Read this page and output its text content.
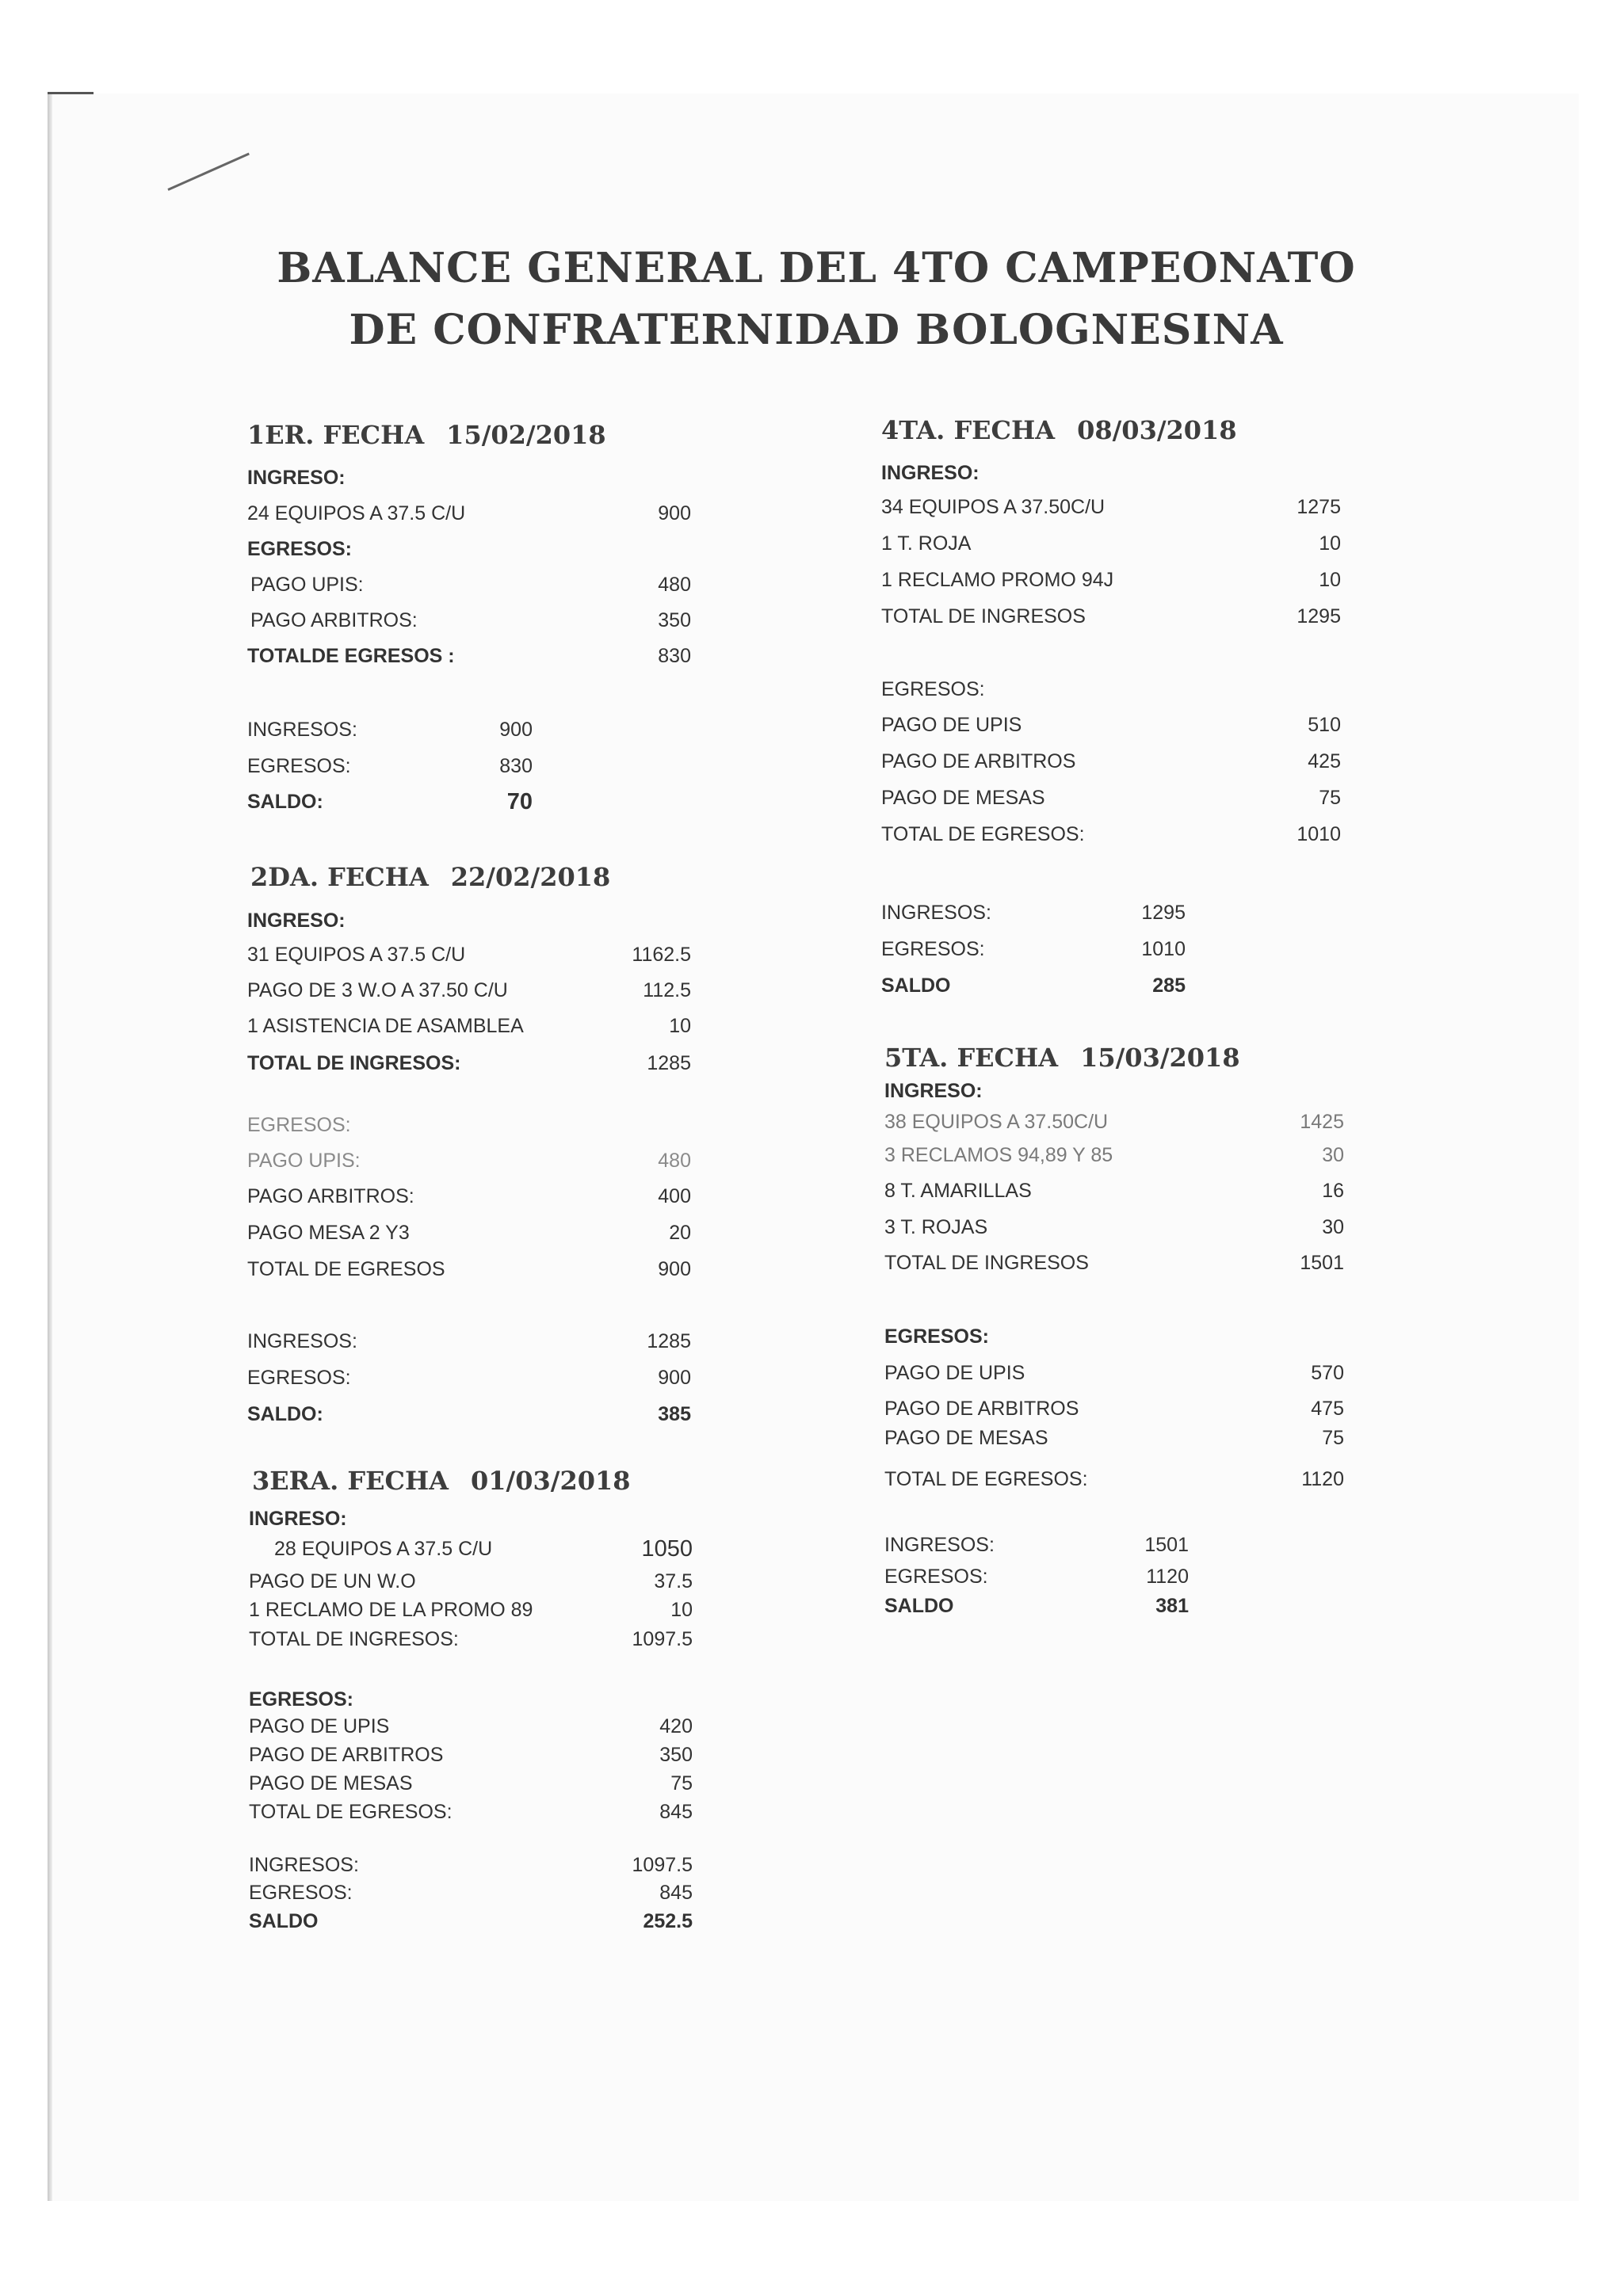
BALANCE GENERAL DEL 4TO CAMPEONATO
DE CONFRATERNIDAD BOLOGNESINA
1ER. FECHA 15/02/2018
INGRESO:
24 EQUIPOS A 37.5 C/U	900
EGRESOS:
PAGO UPIS:	480
PAGO ARBITROS:	350
TOTALDE EGRESOS :	830
INGRESOS:	900
EGRESOS:	830
SALDO:	70
2DA. FECHA 22/02/2018
INGRESO:
31 EQUIPOS A 37.5 C/U	1162.5
PAGO DE 3 W.O A 37.50 C/U	112.5
1 ASISTENCIA DE ASAMBLEA	10
TOTAL DE INGRESOS:	1285
EGRESOS:
PAGO UPIS:	480
PAGO ARBITROS:	400
PAGO MESA 2 Y3	20
TOTAL DE EGRESOS	900
INGRESOS:	1285
EGRESOS:	900
SALDO:	385
3ERA. FECHA 01/03/2018
INGRESO:
28 EQUIPOS A 37.5 C/U	1050
PAGO DE UN W.O	37.5
1 RECLAMO DE LA PROMO 89	10
TOTAL DE INGRESOS:	1097.5
EGRESOS:
PAGO DE UPIS	420
PAGO DE ARBITROS	350
PAGO DE MESAS	75
TOTAL DE EGRESOS:	845
INGRESOS:	1097.5
EGRESOS:	845
SALDO	252.5
4TA. FECHA 08/03/2018
INGRESO:
34 EQUIPOS A 37.50C/U	1275
1 T. ROJA	10
1 RECLAMO PROMO 94J	10
TOTAL DE INGRESOS	1295
EGRESOS:
PAGO DE UPIS	510
PAGO DE ARBITROS	425
PAGO DE MESAS	75
TOTAL DE EGRESOS:	1010
INGRESOS:	1295
EGRESOS:	1010
SALDO	285
5TA. FECHA 15/03/2018
INGRESO:
38 EQUIPOS A 37.50C/U	1425
3 RECLAMOS 94,89 Y 85	30
8 T. AMARILLAS	16
3 T. ROJAS	30
TOTAL DE INGRESOS	1501
EGRESOS:
PAGO DE UPIS	570
PAGO DE ARBITROS	475
PAGO DE MESAS	75
TOTAL DE EGRESOS:	1120
INGRESOS:	1501
EGRESOS:	1120
SALDO	381
